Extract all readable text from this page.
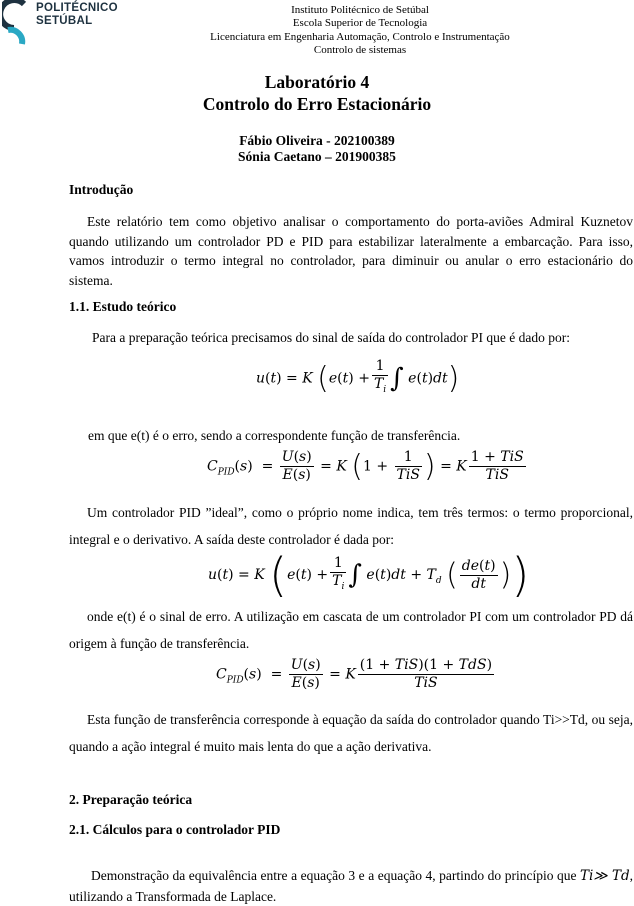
POLITÉCNICO
SETÚBAL
Instituto Politécnico de Setúbal
Escola Superior de Tecnologia
Licenciatura em Engenharia Automação, Controlo e Instrumentação
Controlo de sistemas
Laboratório 4
Controlo do Erro Estacionário
Fábio Oliveira - 202100389
Sónia Caetano – 201900385
Introdução
Este relatório tem como objetivo analisar o comportamento do porta-aviões Admiral Kuznetov quando utilizando um controlador PD e PID para estabilizar lateralmente a embarcação. Para isso, vamos introduzir o termo integral no controlador, para diminuir ou anular o erro estacionário do sistema.
1.1. Estudo teórico
Para a preparação teórica precisamos do sinal de saída do controlador PI que é dado por:
u(t) = K ($e(t) + \frac{1}{T_i}$ ∫ e(t)dt)
em que e(t) é o erro, sendo a correspondente função de transferência.
$C_{PID}(s) = \frac{U(s)}{E(s)} = K$ ($1 + \frac{1}{\text{TiS}}$ ) = K $\frac{\text{1 + TiS}}{\text{TiS}}$
Um controlador PID ”ideal”, como o próprio nome indica, tem três termos: o termo proporcional, integral e o derivativo. A saída deste controlador é dada por:
u(t) = K ($e(t) + \frac{1}{T_i}$ ∫ $e(t)dt + T_d$ ( $\frac{de(t)}{dt}$ ))
onde e(t) é o sinal de erro. A utilização em cascata de um controlador PI com um controlador PD dá origem à função de transferência.
$C_{PID}(s) = \frac{U(s)}{E(s)} = K \frac{\text{(1 + TiS)(1 + TdS)}}{\text{TiS}}$
Esta função de transferência corresponde à equação da saída do controlador quando Ti>>Td, ou seja, quando a ação integral é muito mais lenta do que a ação derivativa.
2. Preparação teórica
2.1. Cálculos para o controlador PID
Demonstração da equivalência entre a equação 3 e a equação 4, partindo do princípio que Ti≫ Td, utilizando a Transformada de Laplace.
